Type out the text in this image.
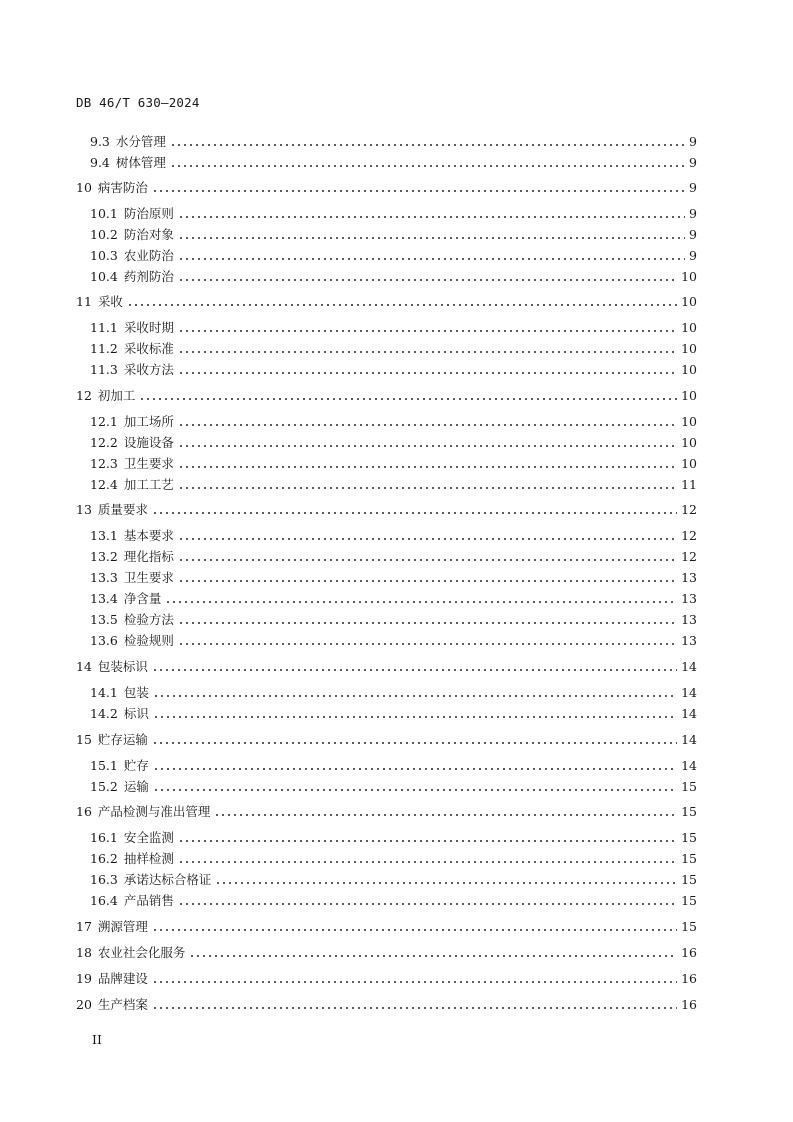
DB 46/T 630—2024
9.3 水分管理	9
9.4 树体管理	9
10 病害防治	9
10.1 防治原则	9
10.2 防治对象	9
10.3 农业防治	9
10.4 药剂防治	10
11 采收	10
11.1 采收时期	10
11.2 采收标准	10
11.3 采收方法	10
12 初加工	10
12.1 加工场所	10
12.2 设施设备	10
12.3 卫生要求	10
12.4 加工工艺	11
13 质量要求	12
13.1 基本要求	12
13.2 理化指标	12
13.3 卫生要求	13
13.4 净含量	13
13.5 检验方法	13
13.6 检验规则	13
14 包装标识	14
14.1 包装	14
14.2 标识	14
15 贮存运输	14
15.1 贮存	14
15.2 运输	15
16 产品检测与准出管理	15
16.1 安全监测	15
16.2 抽样检测	15
16.3 承诺达标合格证	15
16.4 产品销售	15
17 溯源管理	15
18 农业社会化服务	16
19 品牌建设	16
20 生产档案	16
II
